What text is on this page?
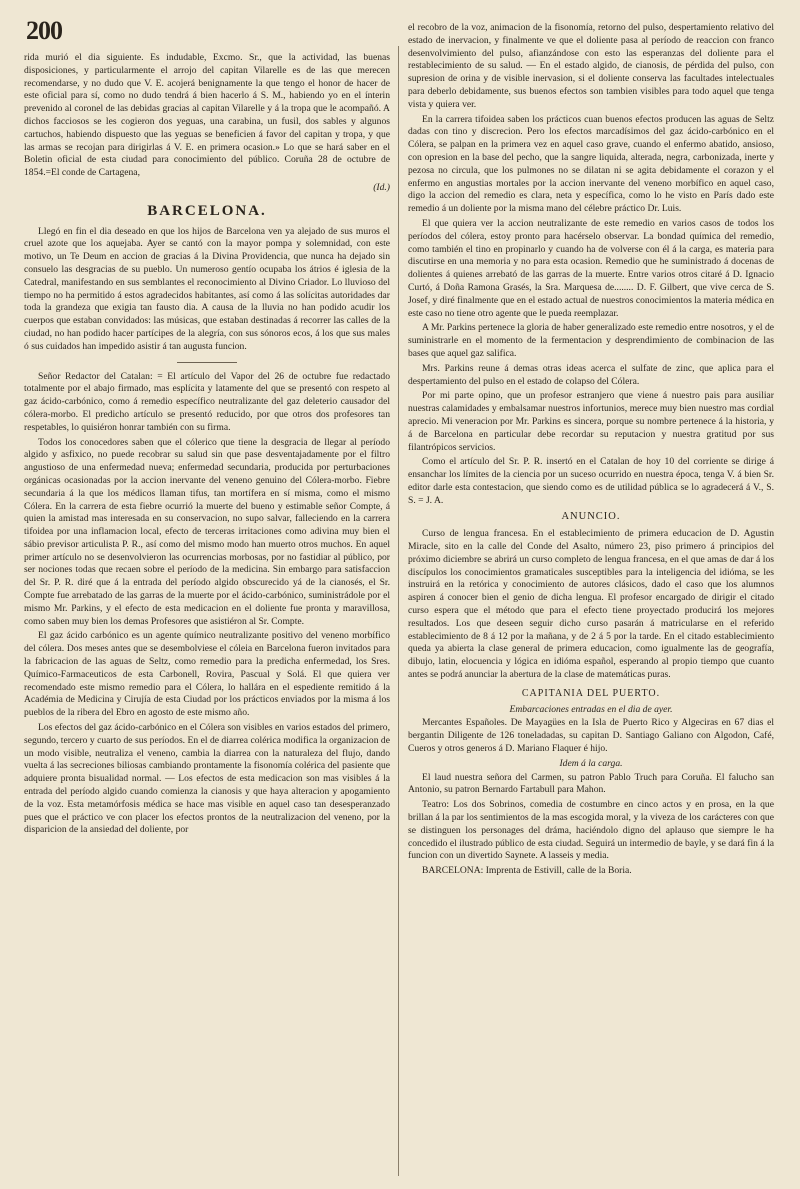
200

rida murió el dia siguiente. Es indudable, Excmo. Sr., que la actividad, las buenas disposiciones, y particularmente el arrojo del capitan Vilarelle es de las que merecen recomendarse, y no dudo que V. E. acojerá benignamente la que tengo el honor de hacer de este oficial para sí, como no dudo tendrá á bien hacerlo á S. M., habiendo yo en el ínterin prevenido al coronel de las debidas gracias al capitan Vilarelle y á la tropa que le acompañó. A dichos facciosos se les cogieron dos yeguas, una carabina, un fusil, dos sables y algunos cartuchos, habiendo dispuesto que las yeguas se beneficien á favor del capitan y tropa, y que las armas se recojan para dirigirlas á V. E. en primera ocasion.» Lo que se hará saber en el Boletin oficial de esta ciudad para conocimiento del público. Coruña 28 de octubre de 1854.=El conde de Cartagena,

(Id.)
BARCELONA.

Llegó en fin el dia deseado en que los hijos de Barcelona ven ya alejado de sus muros el cruel azote que los aquejaba. Ayer se cantó con la mayor pompa y solemnidad, con este motivo, un Te Deum en accion de gracias á la Divina Providencia, que nunca ha dejado sin consuelo las desgracias de su pueblo. Un numeroso gentío ocupaba los átrios é iglesia de la Catedral, manifestando en sus semblantes el reconocimiento al Divino Criador. Lo lluvioso del tiempo no ha permitido á estos agradecidos habitantes, así como á las solícitas autoridades dar toda la grandeza que exigia tan fausto dia. A causa de la lluvia no han podido acudir los cuerpos que estaban convidados: las músicas, que estaban destinadas á recorrer las calles de la ciudad, no han podido hacer partícipes de la alegría, con sus sónoros ecos, á los que sus males ó sus cuidados han impedido asistir á tan augusta funcion.

Señor Redactor del Catalan: = El artículo del Vapor del 26 de octubre fue redactado totalmente por el abajo firmado, mas esplícita y latamente del que se presentó con respeto al gaz ácido-carbónico, como á remedio específico neutralizante del gaz deleterio causador del cólera-morbo. El predicho artículo se presentó reducido, por que otros dos profesores tan respetables, lo quisiéron honrar también con su firma.

Todos los conocedores saben que el cólerico que tiene la desgracia de llegar al período algido y asfixico, no puede recobrar su salud sin que pase desventajadamente por el filtro angustioso de una enfermedad nueva; enfermedad secundaria, producida por perturbaciones orgánicas ocasionadas por la accion inervante del veneno genuino del Cólera-morbo. Fiebre secundaria á la que los médicos llaman tifus, tan mortífera en sí misma, como el mismo Cólera. En la carrera de esta fiebre ocurrió la muerte del bueno y estimable señor Compte, á quien la amistad mas interesada en su conservacion, no supo salvar, falleciendo en la carrera tifoidea por una inflamacion local, efecto de terceras irritaciones como adivina muy bien el sábio previsor articulista P. R., así como del mismo modo han muerto otros muchos. En aquel primer artículo no se desenvolvieron las ocurrencias morbosas, por no fastidiar al público, por ser nociones todas que recaen sobre el período de la medicina. Sin embargo para satisfaccion del Sr. P. R. diré que á la entrada del período algido obscurecido yá de la cianosés, el Sr. Compte fue arrebatado de las garras de la muerte por el ácido-carbónico, suministrádole por el mismo Mr. Parkins, y el efecto de esta medicacion en el doliente fue pronta y maravillosa, como saben muy bien los demas Profesores que asistiéron al Sr. Compte.

El gaz ácido carbónico es un agente químico neutralizante positivo del veneno morbífico del cólera. Dos meses antes que se desembolviese el cóleia en Barcelona fueron invitados para la fabricacion de las aguas de Seltz, como remedio para la predicha enfermedad, los Sres. Químico-Farmaceuticos de esta Carbonell, Rovira, Pascual y Solá. El que quiera ver recomendado este mismo remedio para el Cólera, lo hallára en el espediente remitido á la Académia de Medicina y Cirujía de esta Ciudad por los prácticos enviados por la misma á los pueblos de la ribera del Ebro en agosto de este mismo año.

Los efectos del gaz ácido-carbónico en el Cólera son visibles en varios estados del primero, segundo, tercero y cuarto de sus períodos. En el de diarrea colérica modifica la organizacion de un modo visible, neutraliza el veneno, cambia la diarrea con la naturaleza del flujo, dando vuelta á las secreciones biliosas cambiando prontamente la fisonomía colérica del pasiente que adquiere pronta bisualidad normal. — Los efectos de esta medicacion son mas visibles á la entrada del período algido cuando comienza la cianosis y que haya alteracion y apogamiento de la voz. Esta metamórfosis médica se hace mas visible en aquel caso tan desesperanzado pues que el práctico ve con placer los efectos prontos de la neutralizacion del veneno, por la disparicion de la ansiedad del doliente, por

el recobro de la voz, animacion de la fisonomía, retorno del pulso, despertamiento relativo del estado de inervacion, y finalmente ve que el doliente pasa al período de reaccion con franco desenvolvimiento del pulso, afianzándose con esto las esperanzas del doliente para el restablecimiento de su salud. — En el estado algido, de cianosis, de pérdida del pulso, con supresion de orina y de visible inervasion, si el doliente conserva las facultades intelectuales para deberlo debidamente, sus buenos efectos son tambien visibles para todo aquel que tenga vista y quiera ver.

En la carrera tifoidea saben los prácticos cuan buenos efectos producen las aguas de Seltz dadas con tino y discrecion. Pero los efectos marcadísimos del gaz ácido-carbónico en el Cólera, se palpan en la primera vez en aquel caso grave, cuando el enfermo abatido, ansioso, con opresion en la base del pecho, que la sangre liquida, alterada, negra, carbonizada, inerte y pezosa no circula, que los pulmones no se dilatan ni se agita debidamente el corazon y el enfermo en angustias mortales por la accion inervante del veneno morbífico en aquel caso, digo la accion del remedio es clara, neta y específica, como lo he visto en París dado este remedio á un doliente por la misma mano del célebre práctico Dr. Luis.

El que quiera ver la accion neutralizante de este remedio en varios casos de todos los períodos del cólera, estoy pronto para hacérselo observar. La bondad química del remedio, como también el tino en propinarlo y cuando ha de volverse con él á la carga, es materia para discutirse en una memoria y no para esta ocasion. Remedio que he suministrado á docenas de dolientes á quienes arrebató de las garras de la muerte. Entre varios otros citaré á D. Ignacio Curtó, á Doña Ramona Grasés, la Sra. Marquesa de........ D. F. Gilbert, que vive cerca de S. Josef, y diré finalmente que en el estado actual de nuestros conocimientos la materia médica en este caso no tiene otro agente que le pueda reemplazar.

A Mr. Parkins pertenece la gloria de haber generalizado este remedio entre nosotros, y el de suministrarle en el momento de la fermentacion y desprendimiento de combinacion de las bases que aquel gaz salifica.

Mrs. Parkins reune á demas otras ideas acerca el sulfate de zinc, que aplica para el despertamiento del pulso en el estado de colapso del Cólera.

Por mi parte opino, que un profesor estranjero que viene á nuestro pais para ausiliar nuestras calamidades y embalsamar nuestros infortunios, merece muy bien nuestro mas cordial aprecio. Mi veneracion por Mr. Parkins es sincera, porque su nombre pertenece á la historia, y á de Barcelona en particular debe recordar su reputacion y nuestra gratitud por sus filantrópicos servicios.

Como el artículo del Sr. P. R. insertó en el Catalan de hoy 10 del corriente se dirige á ensanchar los límites de la ciencia por un suceso ocurrido en nuestra época, tenga V. á bien Sr. editor darle esta contestacion, que siendo como es de utilidad pública se lo agradecerá á V., S. S. = J. A.

ANUNCIO.

Curso de lengua francesa. En el establecimiento de primera educacion de D. Agustin Miracle, sito en la calle del Conde del Asalto, número 23, piso primero á principios del próximo diciembre se abrirá un curso completo de lengua francesa, en el que amas de dar á los discípulos los conocimientos gramaticales susceptibles para la inteligencia del idióma, se les instruirá en la retórica y conocimiento de autores clásicos, dado el caso que los alumnos aspiren á conocer bien el genio de dicha lengua. El profesor encargado de dirigir el citado curso espera que el método que para el efecto tiene proyectado producirá los mejores resultados. Los que deseen seguir dicho curso pasarán á matricularse en el referido establecimiento de 8 á 12 por la mañana, y de 2 á 5 por la tarde. En el citado establecimiento queda ya abierta la clase general de primera educacion, como igualmente las de geografía, dibujo, latin, elocuencia y lógica en idióma español, esperando al propio tiempo que cuanto antes se podrá anunciar la abertura de la clase de matemáticas puras.

CAPITANIA DEL PUERTO.
Embarcaciones entradas en el dia de ayer.

Mercantes Españoles. De Mayagües en la Isla de Puerto Rico y Algeciras en 67 dias el bergantin Diligente de 126 toneladadas, su capitan D. Santiago Galiano con Algodon, Café, Cueros y otros generos á D. Mariano Flaquer é hijo.

Idem á la carga.

El laud nuestra señora del Carmen, su patron Pablo Truch para Coruña. El falucho san Antonio, su patron Bernardo Fartabull para Mahon.

Teatro: Los dos Sobrinos, comedia de costumbre en cinco actos y en prosa, en la que brillan á la par los sentimientos de la mas escogida moral, y la viveza de los carácteres con que se distinguen los personages del dráma, haciéndolo digno del aplauso que siempre le ha concedido el ilustrado público de esta ciudad. Seguirá un intermedio de bayle, y se dará fin á la funcion con un divertido Saynete. A lasseis y media.

BARCELONA: Imprenta de Estivill, calle de la Boria.
